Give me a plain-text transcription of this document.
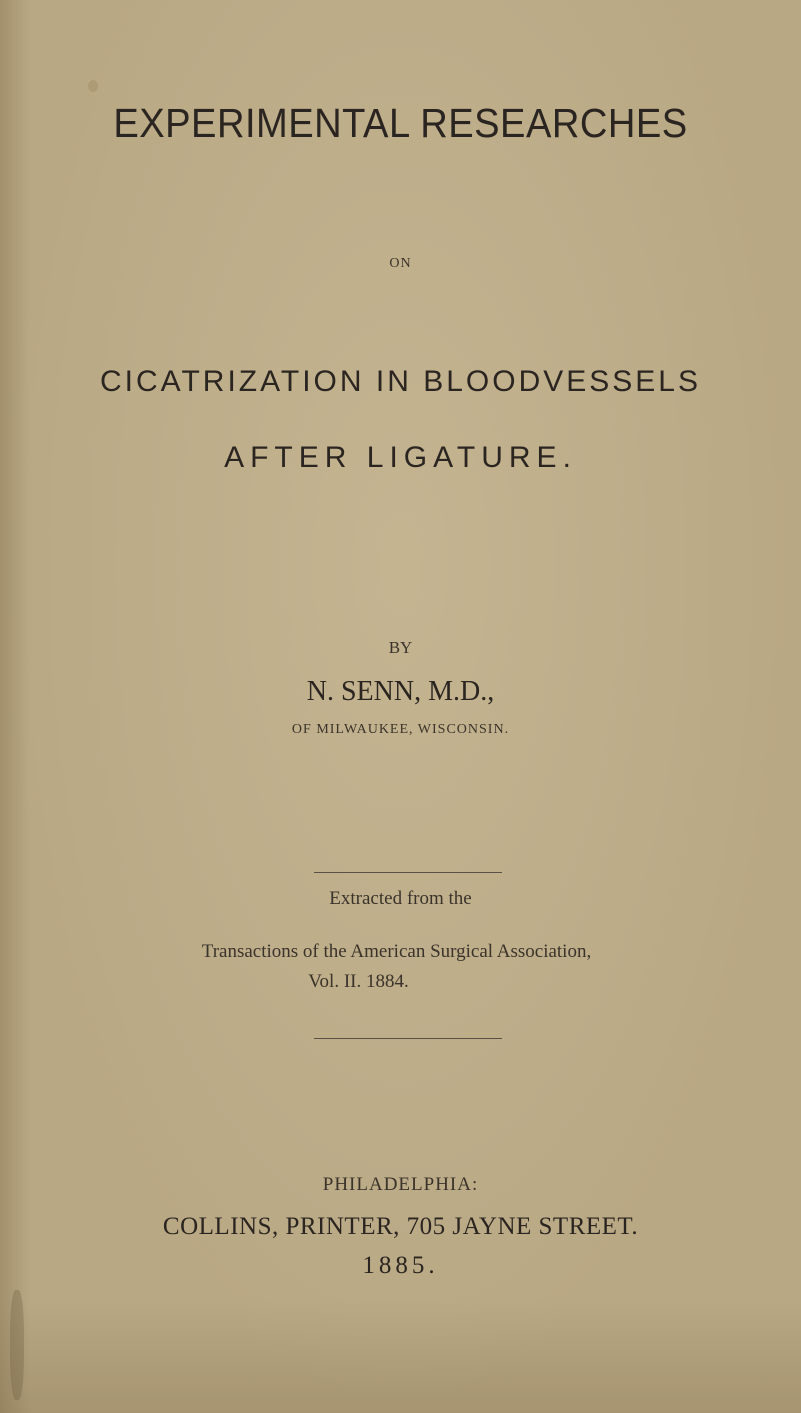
EXPERIMENTAL RESEARCHES
ON
CICATRIZATION IN BLOODVESSELS
AFTER LIGATURE.
BY
N. SENN, M.D.,
OF MILWAUKEE, WISCONSIN.
Extracted from the
Transactions of the American Surgical Association,
Vol. II. 1884.
PHILADELPHIA:
COLLINS, PRINTER, 705 JAYNE STREET.
1885.
